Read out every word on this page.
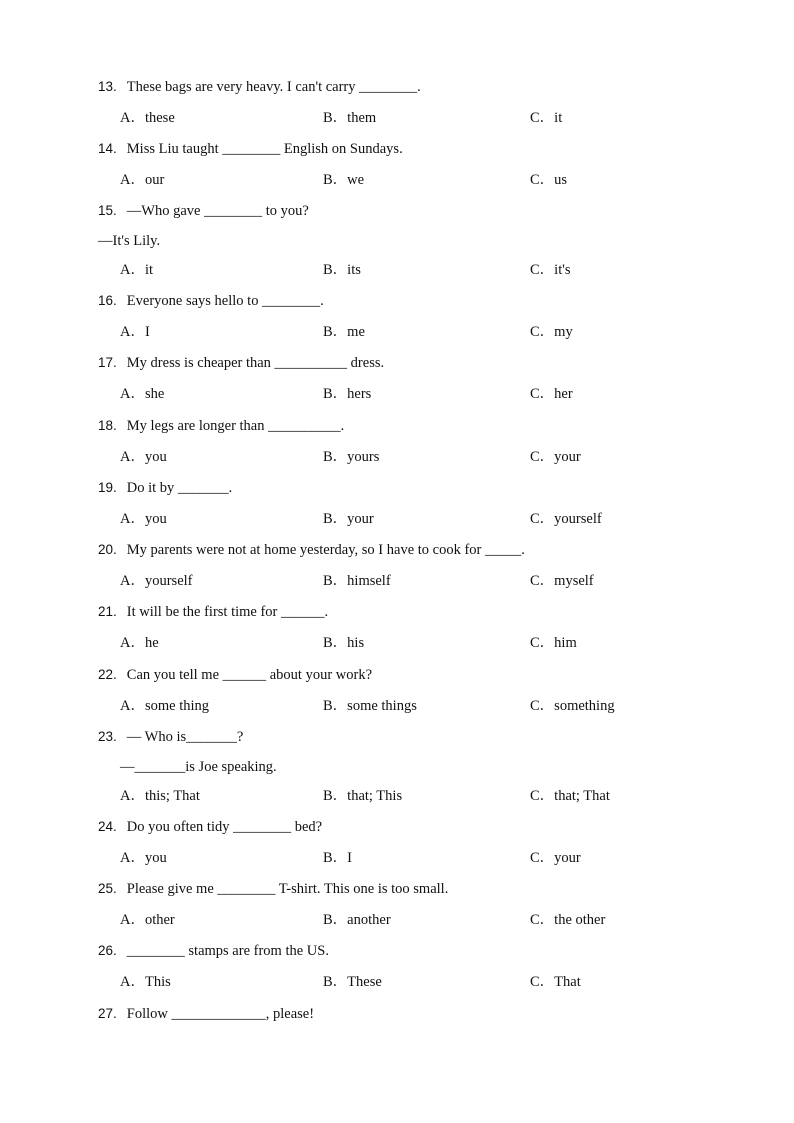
13. These bags are very heavy. I can't carry ________.
A．these	B．them	C．it
14. Miss Liu taught ________ English on Sundays.
A．our	B．we	C．us
15. —Who gave ________ to you?
—It's Lily.
A．it	B．its	C．it's
16. Everyone says hello to ________.
A．I	B．me	C．my
17. My dress is cheaper than __________ dress.
A．she	B．hers	C．her
18. My legs are longer than __________.
A．you	B．yours	C．your
19. Do it by _______.
A．you	B．your	C．yourself
20. My parents were not at home yesterday, so I have to cook for _____.
A．yourself	B．himself	C．myself
21. It will be the first time for ______.
A．he	B．his	C．him
22. Can you tell me ______ about your work?
A．some thing	B．some things	C．something
23. — Who is_______?
—_______is Joe speaking.
A．this; That	B．that; This	C．that; That
24. Do you often tidy ________ bed?
A．you	B．I	C．your
25. Please give me ________ T-shirt. This one is too small.
A．other	B．another	C．the other
26. ________ stamps are from the US.
A．This	B．These	C．That
27. Follow _____________, please!
